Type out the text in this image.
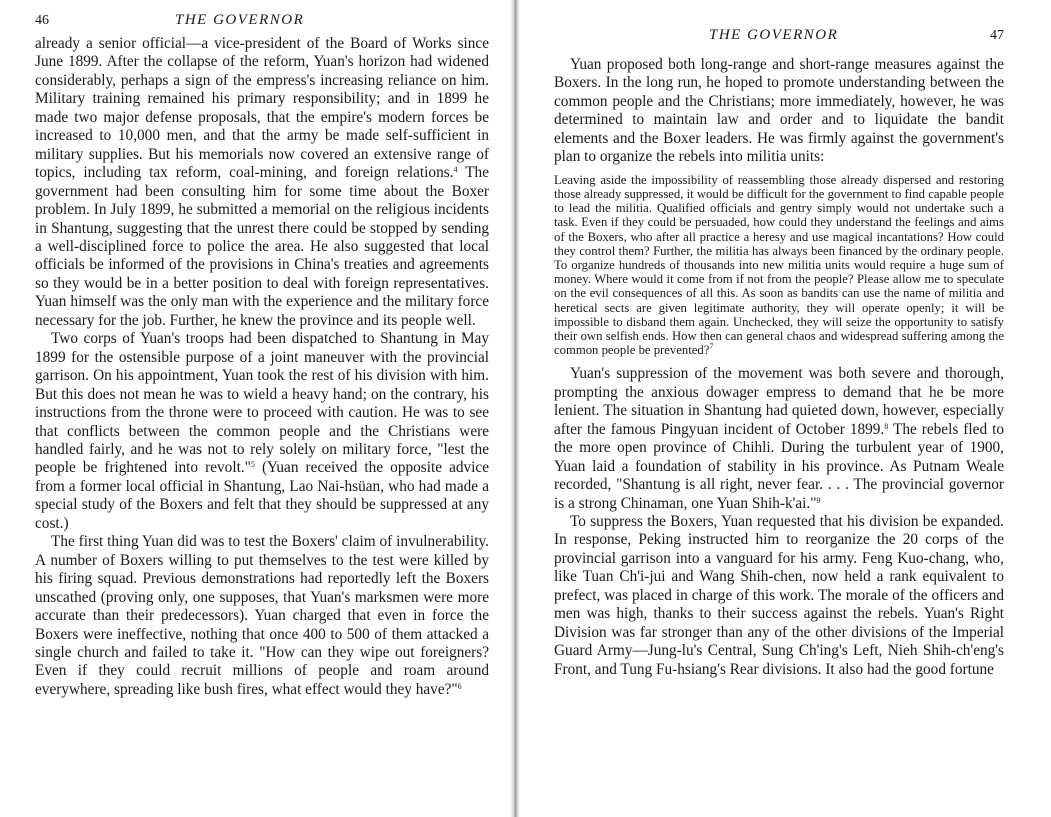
46	THE GOVERNOR

already a senior official—a vice-president of the Board of Works since June 1899. After the collapse of the reform, Yuan's horizon had widened considerably, perhaps a sign of the empress's increasing reliance on him. Military training remained his primary responsibility; and in 1899 he made two major defense proposals, that the empire's modern forces be increased to 10,000 men, and that the army be made self-sufficient in military supplies. But his memorials now covered an extensive range of topics, including tax reform, coal-mining, and foreign relations.$^4$ The government had been consulting him for some time about the Boxer problem. In July 1899, he submitted a memorial on the religious incidents in Shantung, suggesting that the unrest there could be stopped by sending a well-disciplined force to police the area. He also suggested that local officials be informed of the provisions in China's treaties and agreements so they would be in a better position to deal with foreign representatives. Yuan himself was the only man with the experience and the military force necessary for the job. Further, he knew the province and its people well.

Two corps of Yuan's troops had been dispatched to Shantung in May 1899 for the ostensible purpose of a joint maneuver with the provincial garrison. On his appointment, Yuan took the rest of his division with him. But this does not mean he was to wield a heavy hand; on the contrary, his instructions from the throne were to proceed with caution. He was to see that conflicts between the common people and the Christians were handled fairly, and he was not to rely solely on military force, "lest the people be frightened into revolt."$^5$ (Yuan received the opposite advice from a former local official in Shantung, Lao Nai-hsüan, who had made a special study of the Boxers and felt that they should be suppressed at any cost.)

The first thing Yuan did was to test the Boxers' claim of invulnerability. A number of Boxers willing to put themselves to the test were killed by his firing squad. Previous demonstrations had reportedly left the Boxers unscathed (proving only, one supposes, that Yuan's marksmen were more accurate than their predecessors). Yuan charged that even in force the Boxers were ineffective, nothing that once 400 to 500 of them attacked a single church and failed to take it. "How can they wipe out foreigners? Even if they could recruit millions of people and roam around everywhere, spreading like bush fires, what effect would they have?"$^6$

THE GOVERNOR	47

Yuan proposed both long-range and short-range measures against the Boxers. In the long run, he hoped to promote understanding between the common people and the Christians; more immediately, however, he was determined to maintain law and order and to liquidate the bandit elements and the Boxer leaders. He was firmly against the government's plan to organize the rebels into militia units:

Leaving aside the impossibility of reassembling those already dispersed and restoring those already suppressed, it would be difficult for the government to find capable people to lead the militia. Qualified officials and gentry simply would not undertake such a task. Even if they could be persuaded, how could they understand the feelings and aims of the Boxers, who after all practice a heresy and use magical incantations? How could they control them? Further, the militia has always been financed by the ordinary people. To organize hundreds of thousands into new militia units would require a huge sum of money. Where would it come from if not from the people? Please allow me to speculate on the evil consequences of all this. As soon as bandits can use the name of militia and heretical sects are given legitimate authority, they will operate openly; it will be impossible to disband them again. Unchecked, they will seize the opportunity to satisfy their own selfish ends. How then can general chaos and widespread suffering among the common people be prevented?$^7$

Yuan's suppression of the movement was both severe and thorough, prompting the anxious dowager empress to demand that he be more lenient. The situation in Shantung had quieted down, however, especially after the famous Pingyuan incident of October 1899.$^8$ The rebels fled to the more open province of Chihli. During the turbulent year of 1900, Yuan laid a foundation of stability in his province. As Putnam Weale recorded, "Shantung is all right, never fear. . . . The provincial governor is a strong Chinaman, one Yuan Shih-k'ai."$^9$

To suppress the Boxers, Yuan requested that his division be expanded. In response, Peking instructed him to reorganize the 20 corps of the provincial garrison into a vanguard for his army. Feng Kuo-chang, who, like Tuan Ch'i-jui and Wang Shih-chen, now held a rank equivalent to prefect, was placed in charge of this work. The morale of the officers and men was high, thanks to their success against the rebels. Yuan's Right Division was far stronger than any of the other divisions of the Imperial Guard Army—Jung-lu's Central, Sung Ch'ing's Left, Nieh Shih-ch'eng's Front, and Tung Fu-hsiang's Rear divisions. It also had the good fortune
